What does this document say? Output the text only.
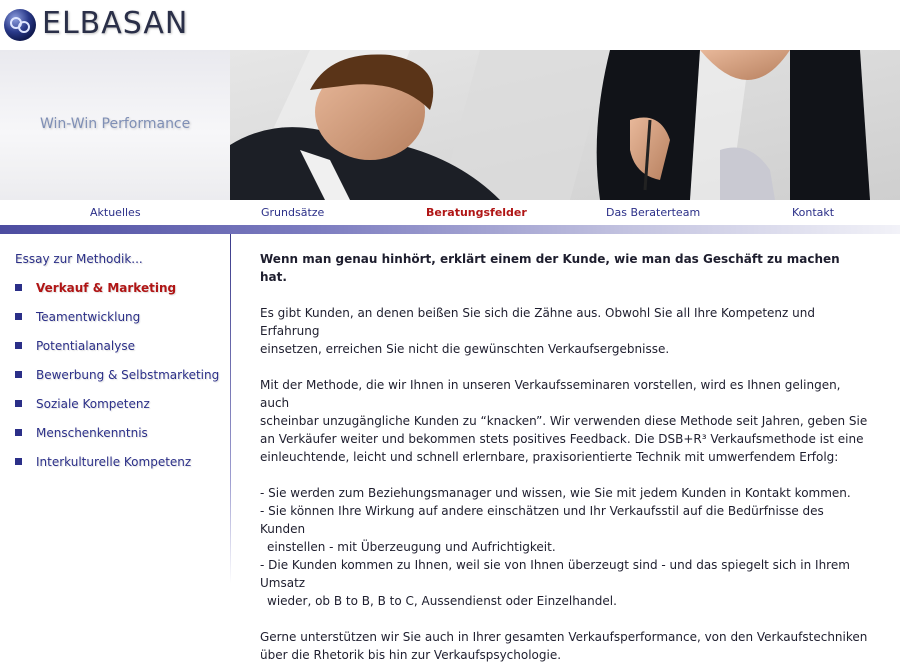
ELBASAN
Win-Win Performance
Aktuelles	Grundsätze	Beratungsfelder	Das Beraterteam	Kontakt
Essay zur Methodik...
Verkauf & Marketing
Teamentwicklung
Potentialanalyse
Bewerbung & Selbstmarketing
Soziale Kompetenz
Menschenkenntnis
Interkulturelle Kompetenz

Wenn man genau hinhört, erklärt einem der Kunde, wie man das Geschäft zu machen hat.

Es gibt Kunden, an denen beißen Sie sich die Zähne aus. Obwohl Sie all Ihre Kompetenz und Erfahrung

einsetzen, erreichen Sie nicht die gewünschten Verkaufsergebnisse.

Mit der Methode, die wir Ihnen in unseren Verkaufsseminaren vorstellen, wird es Ihnen gelingen, auch

scheinbar unzugängliche Kunden zu “knacken”. Wir verwenden diese Methode seit Jahren, geben Sie

an Verkäufer weiter und bekommen stets positives Feedback. Die DSB+R³ Verkaufsmethode ist eine

einleuchtende, leicht und schnell erlernbare, praxisorientierte Technik mit umwerfendem Erfolg:

- Sie werden zum Beziehungsmanager und wissen, wie Sie mit jedem Kunden in Kontakt kommen.

- Sie können Ihre Wirkung auf andere einschätzen und Ihr Verkaufsstil auf die Bedürfnisse des Kunden

einstellen - mit Überzeugung und Aufrichtigkeit.

- Die Kunden kommen zu Ihnen, weil sie von Ihnen überzeugt sind - und das spiegelt sich in Ihrem Umsatz

wieder, ob B to B, B to C, Aussendienst oder Einzelhandel.

Gerne unterstützen wir Sie auch in Ihrer gesamten Verkaufsperformance, von den Verkaufstechniken

über die Rhetorik bis hin zur Verkaufspsychologie.
